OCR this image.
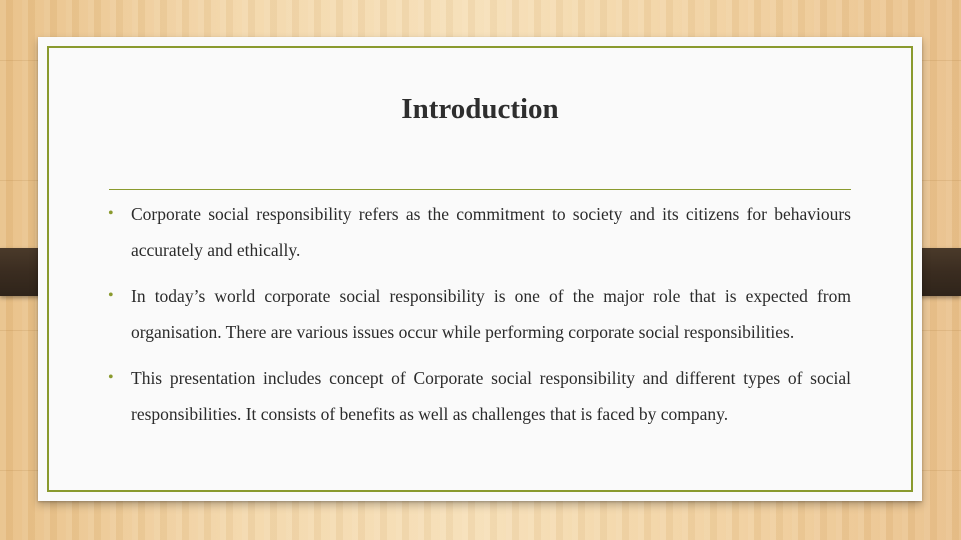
Introduction
• Corporate social responsibility refers as the commitment to society and its citizens for behaviours accurately and ethically.
• In today’s world corporate social responsibility is one of the major role that is expected from organisation. There are various issues occur while performing corporate social responsibilities.
• This presentation includes concept of Corporate social responsibility and different types of social responsibilities. It consists of benefits as well as challenges that is faced by company.
